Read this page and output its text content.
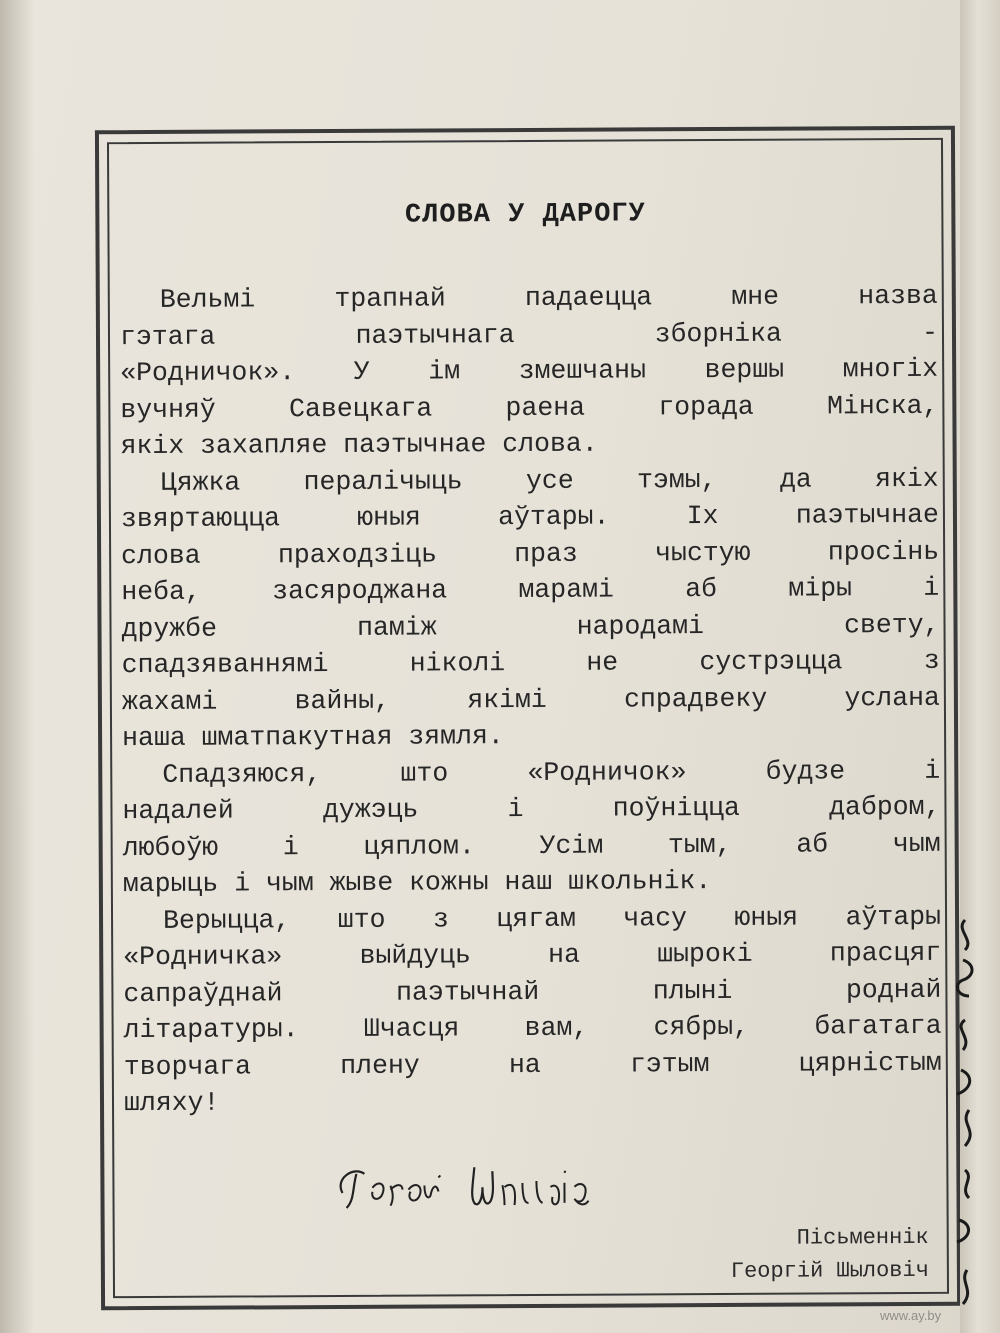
СЛОВА У ДАРОГУ
Вельмі	трапнай	падаецца	мне	назва
гэтага	паэтычнага	зборніка	-
«Родничок». У ім змешчаны вершы многіх
вучняў	Савецкага	раена	горада	Мінска,
якіх захапляе паэтычнае слова.
Цяжка пералічыць усе тэмы, да якіх
звяртаюцца	юныя	аўтары.	Іх	паэтычнае
слова	праходзіць	праз	чыстую	просінь
неба,	засяроджана	марамі	аб	міры	і
дружбе	паміж	народамі	свету,
спадзяваннямі	ніколі	не	сустрэцца	з
жахамі	вайны,	якімі	спрадвеку	услана
наша шматпакутная зямля.
Спадзяюся,	што	«Родничок»	будзе	і
надалей	дужэць	і	поўніцца	дабром,
любоўю і цяплом. Усім тым, аб чым
марыць і чым жыве кожны наш школьнік.
Верыцца, што з цягам часу юныя аўтары
«Родничка»	выйдуць	на	шырокі	прасцяг
сапраўднай	паэтычнай	плыні	роднай
літаратуры. Шчасця вам, сябры, багатага
творчага	плену	на	гэтым	цярністым
шляху!
Пісьменнік
Георгій Шыловіч
www.ay.by
